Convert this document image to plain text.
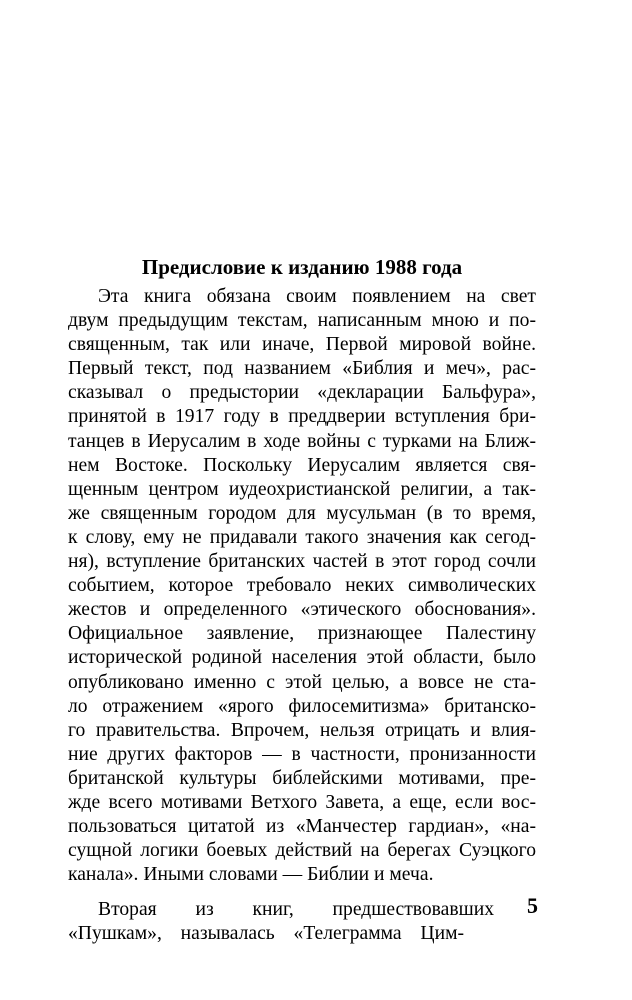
Предисловие к изданию 1988 года
Эта книга обязана своим появлением на свет
двум предыдущим текстам, написанным мною и по-
священным, так или иначе, Первой мировой войне.
Первый текст, под названием «Библия и меч», рас-
сказывал о предыстории «декларации Бальфура»,
принятой в 1917 году в преддверии вступления бри-
танцев в Иерусалим в ходе войны с турками на Ближ-
нем Востоке. Поскольку Иерусалим является свя-
щенным центром иудеохристианской религии, а так-
же священным городом для мусульман (в то время,
к слову, ему не придавали такого значения как сегод-
ня), вступление британских частей в этот город сочли
событием, которое требовало неких символических
жестов и определенного «этического обоснования».
Официальное заявление, признающее Палестину
исторической родиной населения этой области, было
опубликовано именно с этой целью, а вовсе не ста-
ло отражением «ярого филосемитизма» британско-
го правительства. Впрочем, нельзя отрицать и влия-
ние других факторов — в частности, пронизанности
британской культуры библейскими мотивами, пре-
жде всего мотивами Ветхого Завета, а еще, если вос-
пользоваться цитатой из «Манчестер гардиан», «на-
сущной логики боевых действий на берегах Суэцкого
канала». Иными словами — Библии и меча.
Вторая из книг, предшествовавших
«Пушкам», называлась «Телеграмма Цим-
5
